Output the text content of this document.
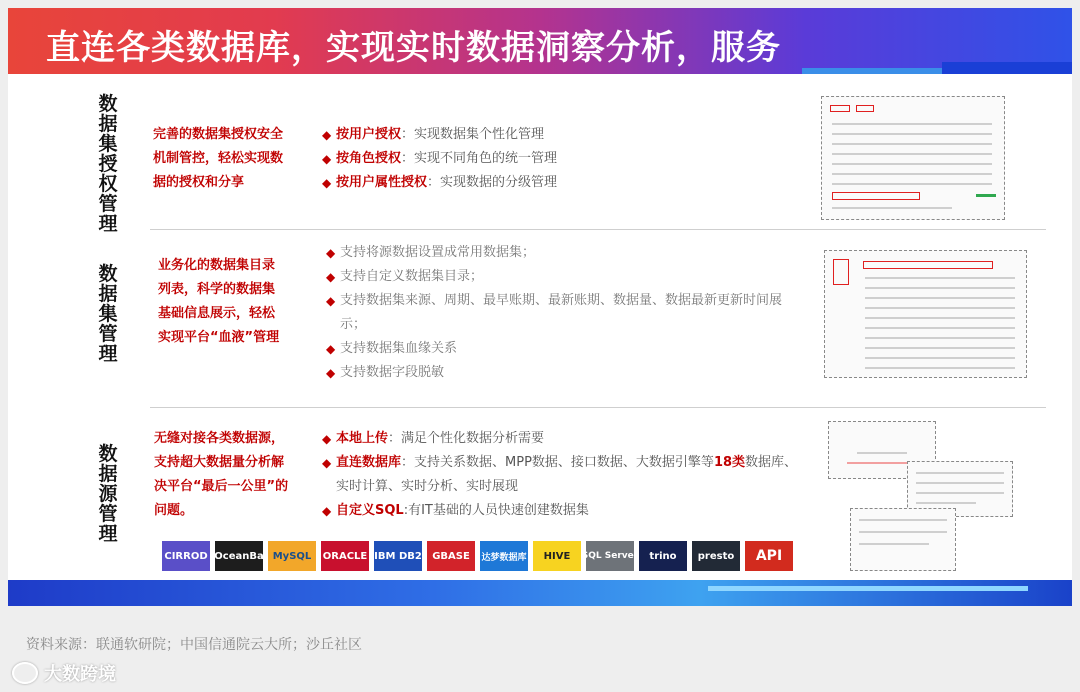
直连各类数据库，实现实时数据洞察分析，服务
数据集授权管理
完善的数据集授权安全机制管控，轻松实现数据的授权和分享
◆ 按用户授权：实现数据集个性化管理
◆ 按角色授权：实现不同角色的统一管理
◆ 按用户属性授权：实现数据的分级管理
数据集管理
业务化的数据集目录列表，科学的数据集基础信息展示，轻松实现平台“血液”管理
◆ 支持将源数据设置成常用数据集；
◆ 支持自定义数据集目录；
◆ 支持数据集来源、周期、最早账期、最新账期、数据量、数据最新更新时间展示；
◆ 支持数据集血缘关系
◆ 支持数据字段脱敏
数据源管理
无缝对接各类数据源，支持超大数据量分析解决平台“最后一公里”的问题。
◆ 本地上传：满足个性化数据分析需要
◆ 直连数据库：支持关系数据、MPP数据、接口数据、大数据引擎等18类数据库、实时计算、实时分析、实时展现
◆ 自定义SQL:有IT基础的人员快速创建数据集
CIRROD OceanBa MySQL	ORACLE IBM DB2	GBASE	达梦数据库	HIVE	SQL Server	trino	presto	API
资料来源：联通软研院；中国信通院云大所；沙丘社区
大数跨境
